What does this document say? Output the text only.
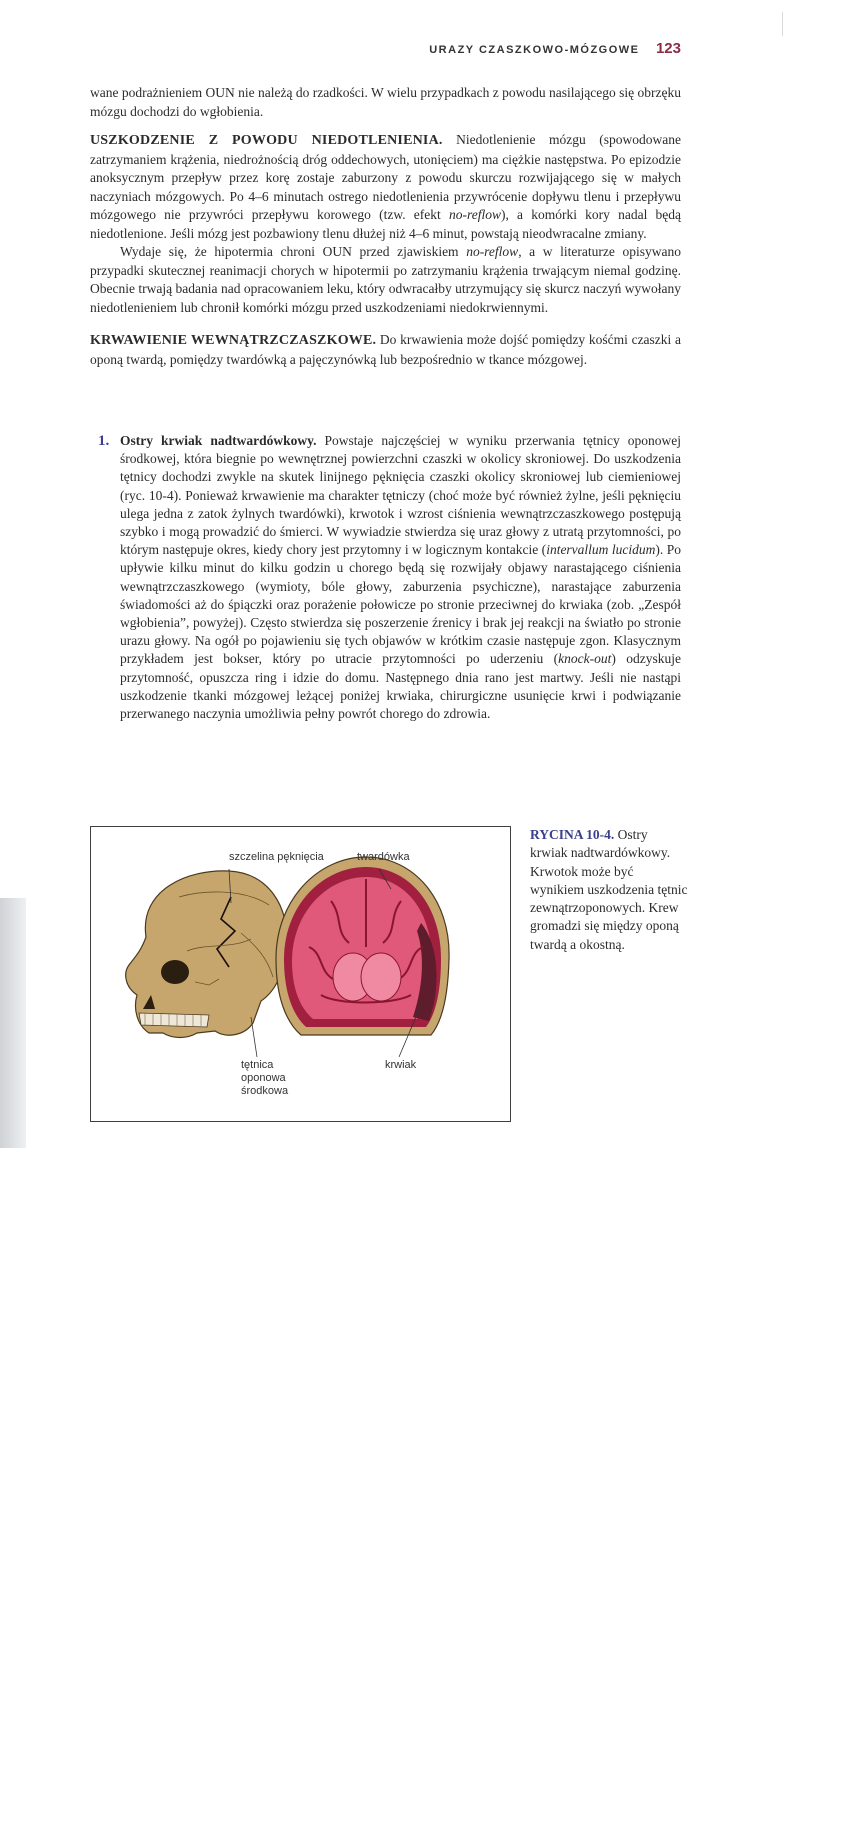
URAZY CZASZKOWO-MÓZGOWE 123

wane podrażnieniem OUN nie należą do rzadkości. W wielu przypadkach z powodu nasilającego się obrzęku mózgu dochodzi do wgłobienia.

USZKODZENIE Z POWODU NIEDOTLENIENIA. Niedotlenienie mózgu (spowodowane zatrzymaniem krążenia, niedrożnością dróg oddechowych, utonięciem) ma ciężkie następstwa. Po epizodzie anoksycznym przepływ przez korę zostaje zaburzony z powodu skurczu rozwijającego się w małych naczyniach mózgowych. Po 4–6 minutach ostrego niedotlenienia przywrócenie dopływu tlenu i przepływu mózgowego nie przywróci przepływu korowego (tzw. efekt no-reflow), a komórki kory nadal będą niedotlenione. Jeśli mózg jest pozbawiony tlenu dłużej niż 4–6 minut, powstają nieodwracalne zmiany.

Wydaje się, że hipotermia chroni OUN przed zjawiskiem no-reflow, a w literaturze opisywano przypadki skutecznej reanimacji chorych w hipotermii po zatrzymaniu krążenia trwającym niemal godzinę. Obecnie trwają badania nad opracowaniem leku, który odwracałby utrzymujący się skurcz naczyń wywołany niedotlenieniem lub chronił komórki mózgu przed uszkodzeniami niedokrwiennymi.

KRWAWIENIE WEWNĄTRZCZASZKOWE. Do krwawienia może dojść pomiędzy kośćmi czaszki a oponą twardą, pomiędzy twardówką a pajęczynówką lub bezpośrednio w tkance mózgowej.

1. Ostry krwiak nadtwardówkowy. Powstaje najczęściej w wyniku przerwania tętnicy oponowej środkowej, która biegnie po wewnętrznej powierzchni czaszki w okolicy skroniowej. Do uszkodzenia tętnicy dochodzi zwykle na skutek linijnego pęknięcia czaszki okolicy skroniowej lub ciemieniowej (ryc. 10-4). Ponieważ krwawienie ma charakter tętniczy (choć może być również żylne, jeśli pęknięciu ulega jedna z zatok żylnych twardówki), krwotok i wzrost ciśnienia wewnątrzczaszkowego postępują szybko i mogą prowadzić do śmierci. W wywiadzie stwierdza się uraz głowy z utratą przytomności, po którym następuje okres, kiedy chory jest przytomny i w logicznym kontakcie (intervallum lucidum). Po upływie kilku minut do kilku godzin u chorego będą się rozwijały objawy narastającego ciśnienia wewnątrzczaszkowego (wymioty, bóle głowy, zaburzenia psychiczne), narastające zaburzenia świadomości aż do śpiączki oraz porażenie połowicze po stronie przeciwnej do krwiaka (zob. „Zespół wgłobienia”, powyżej). Często stwierdza się poszerzenie źrenicy i brak jej reakcji na światło po stronie urazu głowy. Na ogół po pojawieniu się tych objawów w krótkim czasie następuje zgon. Klasycznym przykładem jest bokser, który po utracie przytomności po uderzeniu (knock-out) odzyskuje przytomność, opuszcza ring i idzie do domu. Następnego dnia rano jest martwy. Jeśli nie nastąpi uszkodzenie tkanki mózgowej leżącej poniżej krwiaka, chirurgiczne usunięcie krwi i podwiązanie przerwanego naczynia umożliwia pełny powrót chorego do zdrowia.
szczelina pęknięcia	twardówka
tętnica
oponowa
środkowa
krwiak
RYCINA 10-4. Ostry krwiak nadtwardówkowy. Krwotok może być wynikiem uszkodzenia tętnic zewnątrzoponowych. Krew gromadzi się między oponą twardą a okostną.
